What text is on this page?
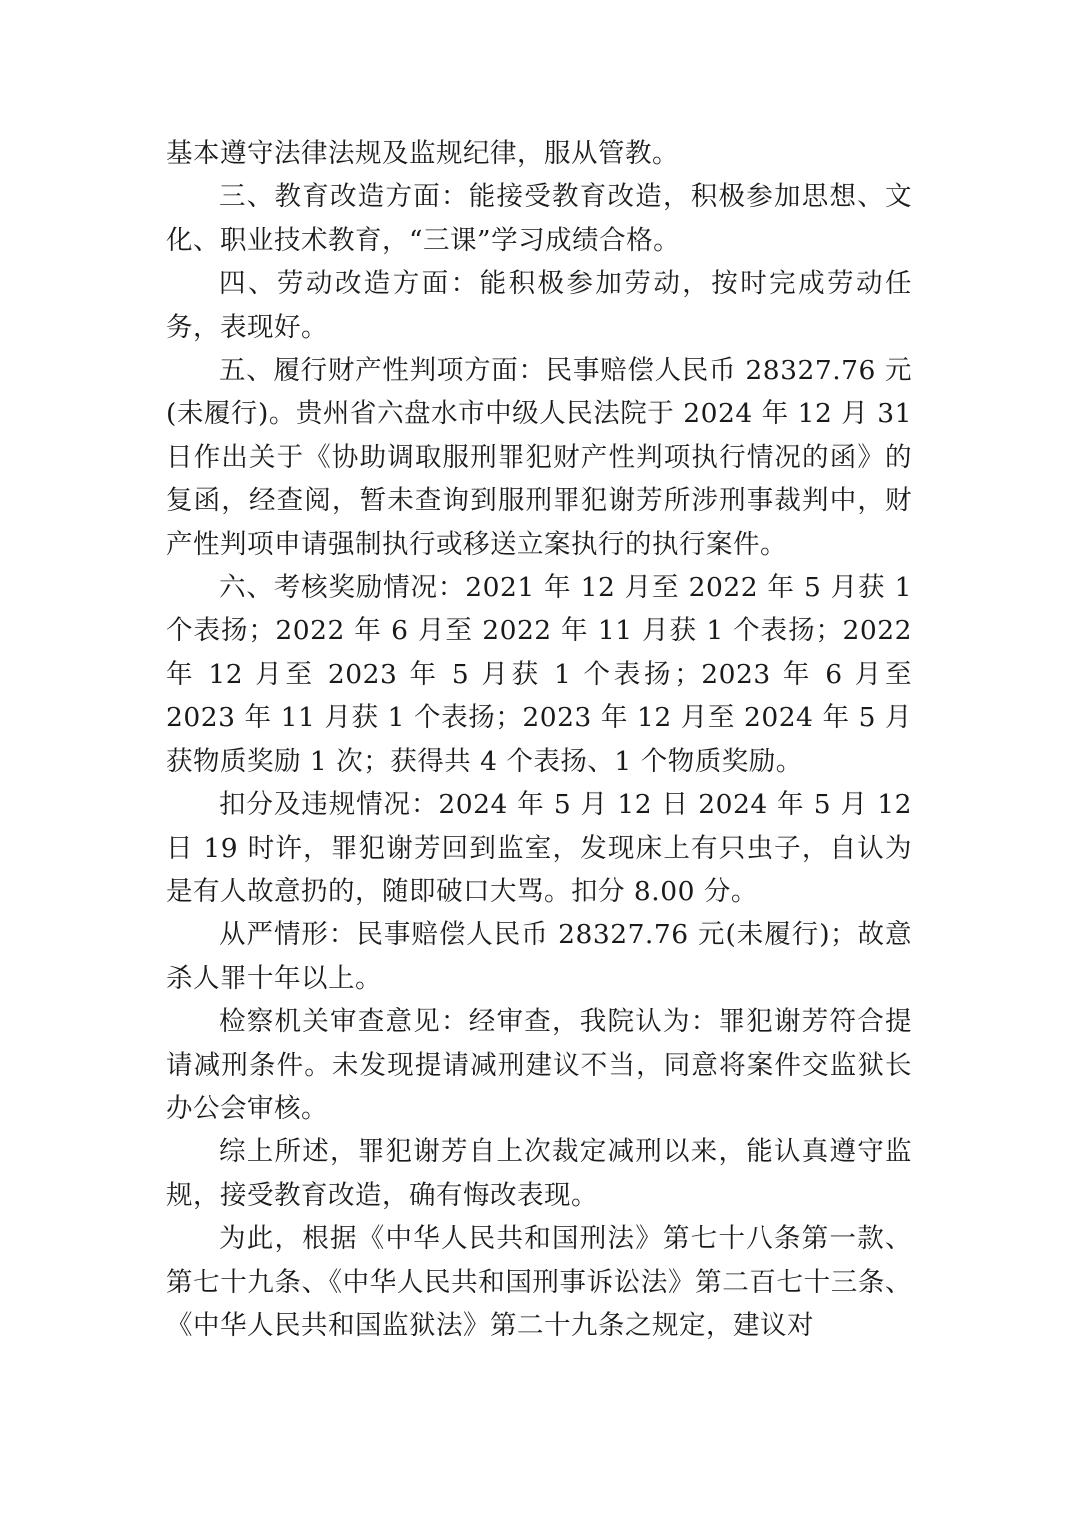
基本遵守法律法规及监规纪律，服从管教。

三、教育改造方面：能接受教育改造，积极参加思想、文化、职业技术教育，“三课”学习成绩合格。

四、劳动改造方面：能积极参加劳动，按时完成劳动任务，表现好。

五、履行财产性判项方面：民事赔偿人民币 28327.76 元(未履行)。贵州省六盘水市中级人民法院于 2024 年 12 月 31 日作出关于《协助调取服刑罪犯财产性判项执行情况的函》的复函，经查阅，暂未查询到服刑罪犯谢芳所涉刑事裁判中，财产性判项申请强制执行或移送立案执行的执行案件。

六、考核奖励情况：2021 年 12 月至 2022 年 5 月获 1 个表扬；2022 年 6 月至 2022 年 11 月获 1 个表扬；2022 年 12 月至 2023 年 5 月获 1 个表扬；2023 年 6 月至 2023 年 11 月获 1 个表扬；2023 年 12 月至 2024 年 5 月获物质奖励 1 次；获得共 4 个表扬、1 个物质奖励。

扣分及违规情况：2024 年 5 月 12 日 2024 年 5 月 12 日 19 时许，罪犯谢芳回到监室，发现床上有只虫子，自认为是有人故意扔的，随即破口大骂。扣分 8.00 分。

从严情形：民事赔偿人民币 28327.76 元(未履行)；故意杀人罪十年以上。

检察机关审查意见：经审查，我院认为：罪犯谢芳符合提请减刑条件。未发现提请减刑建议不当，同意将案件交监狱长办公会审核。

综上所述，罪犯谢芳自上次裁定减刑以来，能认真遵守监规，接受教育改造，确有悔改表现。

为此，根据《中华人民共和国刑法》第七十八条第一款、第七十九条、《中华人民共和国刑事诉讼法》第二百七十三条、《中华人民共和国监狱法》第二十九条之规定，建议对
